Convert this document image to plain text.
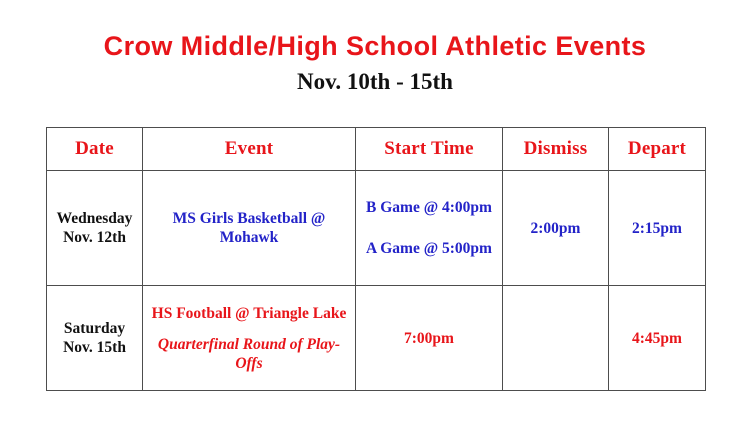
Crow Middle/High School Athletic Events
Nov. 10th - 15th
Date	Event	Start Time	Dismiss	Depart

Wednesday
Nov. 12th	MS Girls Basketball @ Mohawk	B Game @ 4:00pm
A Game @ 5:00pm	2:00pm	2:15pm

Saturday
Nov. 15th	HS Football @ Triangle Lake
Quarterfinal Round of Play-Offs	7:00pm		4:45pm
